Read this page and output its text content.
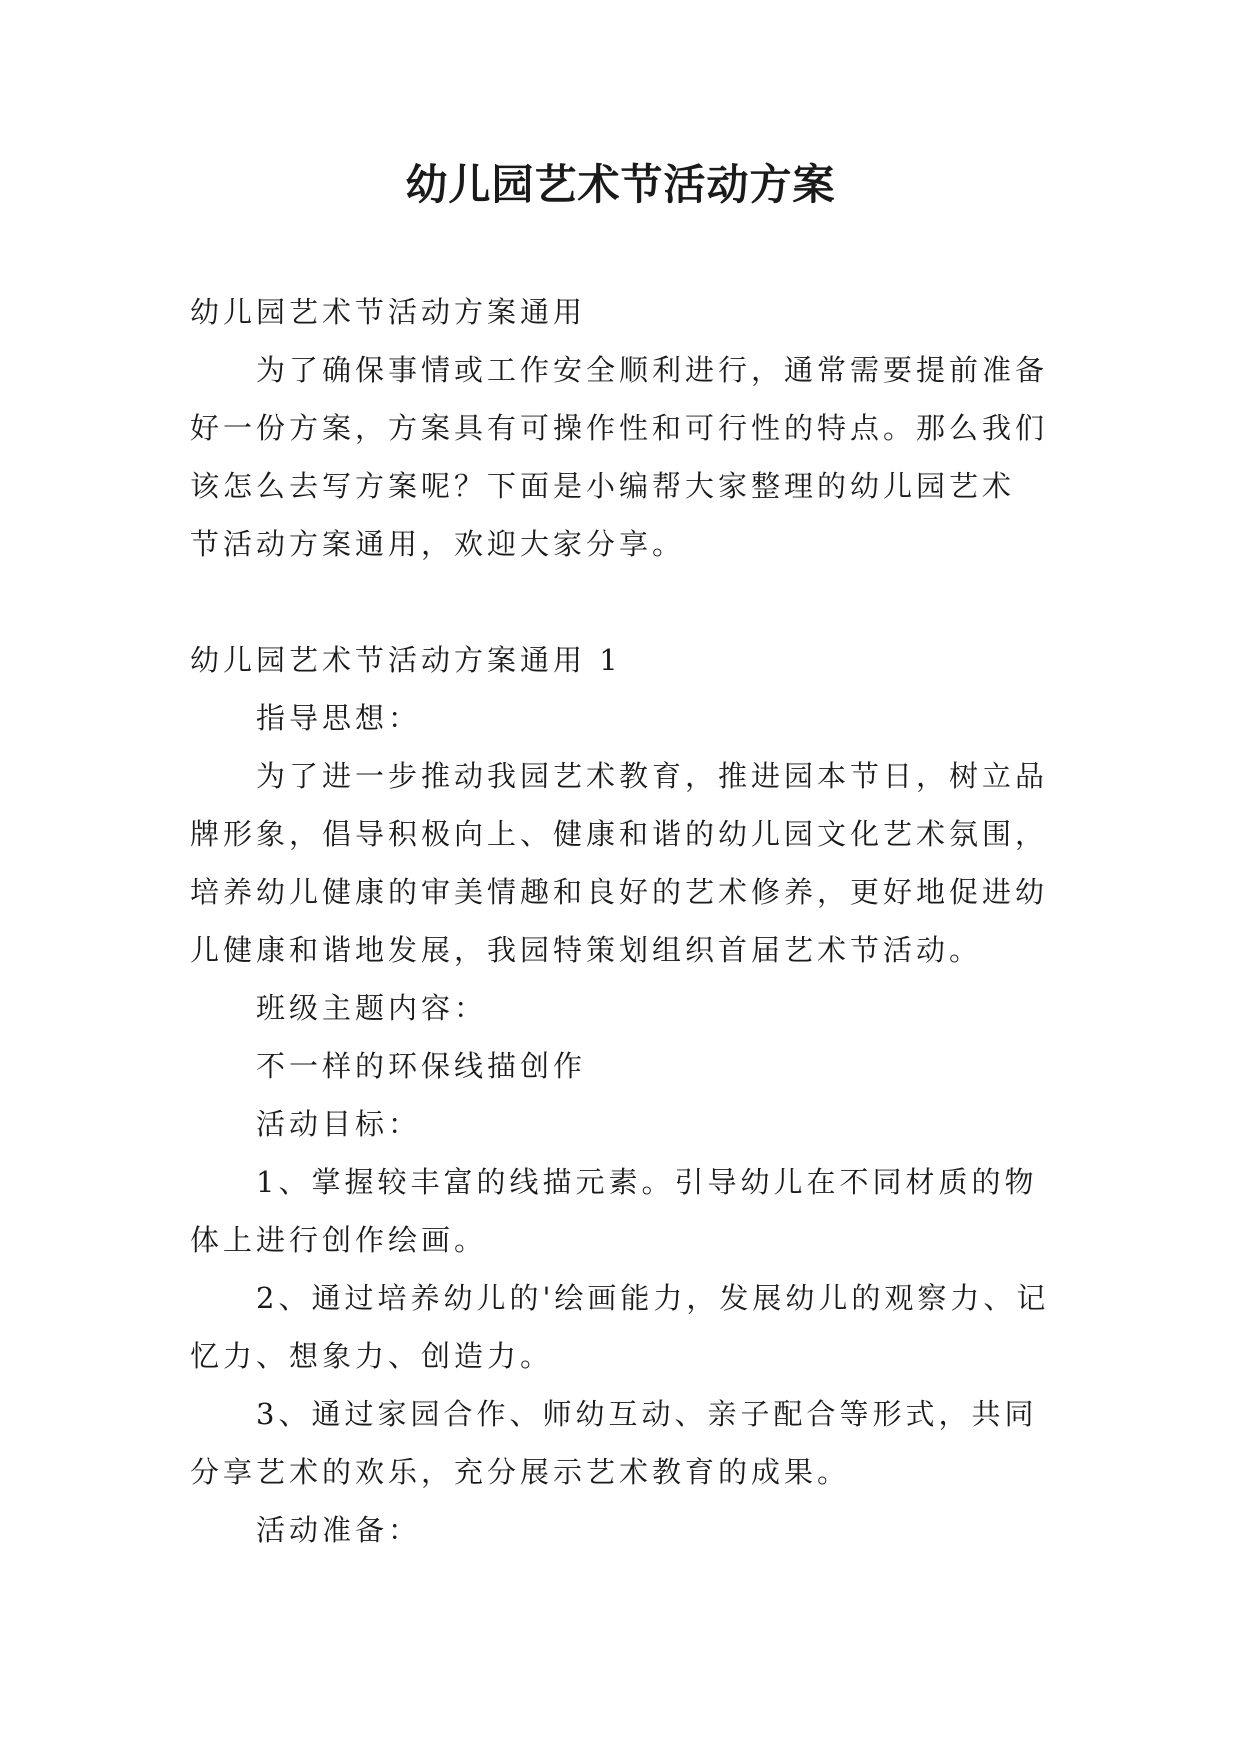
幼儿园艺术节活动方案
幼儿园艺术节活动方案通用
为了确保事情或工作安全顺利进行，通常需要提前准备
好一份方案，方案具有可操作性和可行性的特点。那么我们
该怎么去写方案呢？下面是小编帮大家整理的幼儿园艺术
节活动方案通用，欢迎大家分享。
幼儿园艺术节活动方案通用 1
指导思想：
为了进一步推动我园艺术教育，推进园本节日，树立品
牌形象，倡导积极向上、健康和谐的幼儿园文化艺术氛围，
培养幼儿健康的审美情趣和良好的艺术修养，更好地促进幼
儿健康和谐地发展，我园特策划组织首届艺术节活动。
班级主题内容：
不一样的环保线描创作
活动目标：
1、掌握较丰富的线描元素。引导幼儿在不同材质的物
体上进行创作绘画。
2、通过培养幼儿的'绘画能力，发展幼儿的观察力、记
忆力、想象力、创造力。
3、通过家园合作、师幼互动、亲子配合等形式，共同
分享艺术的欢乐，充分展示艺术教育的成果。
活动准备：
